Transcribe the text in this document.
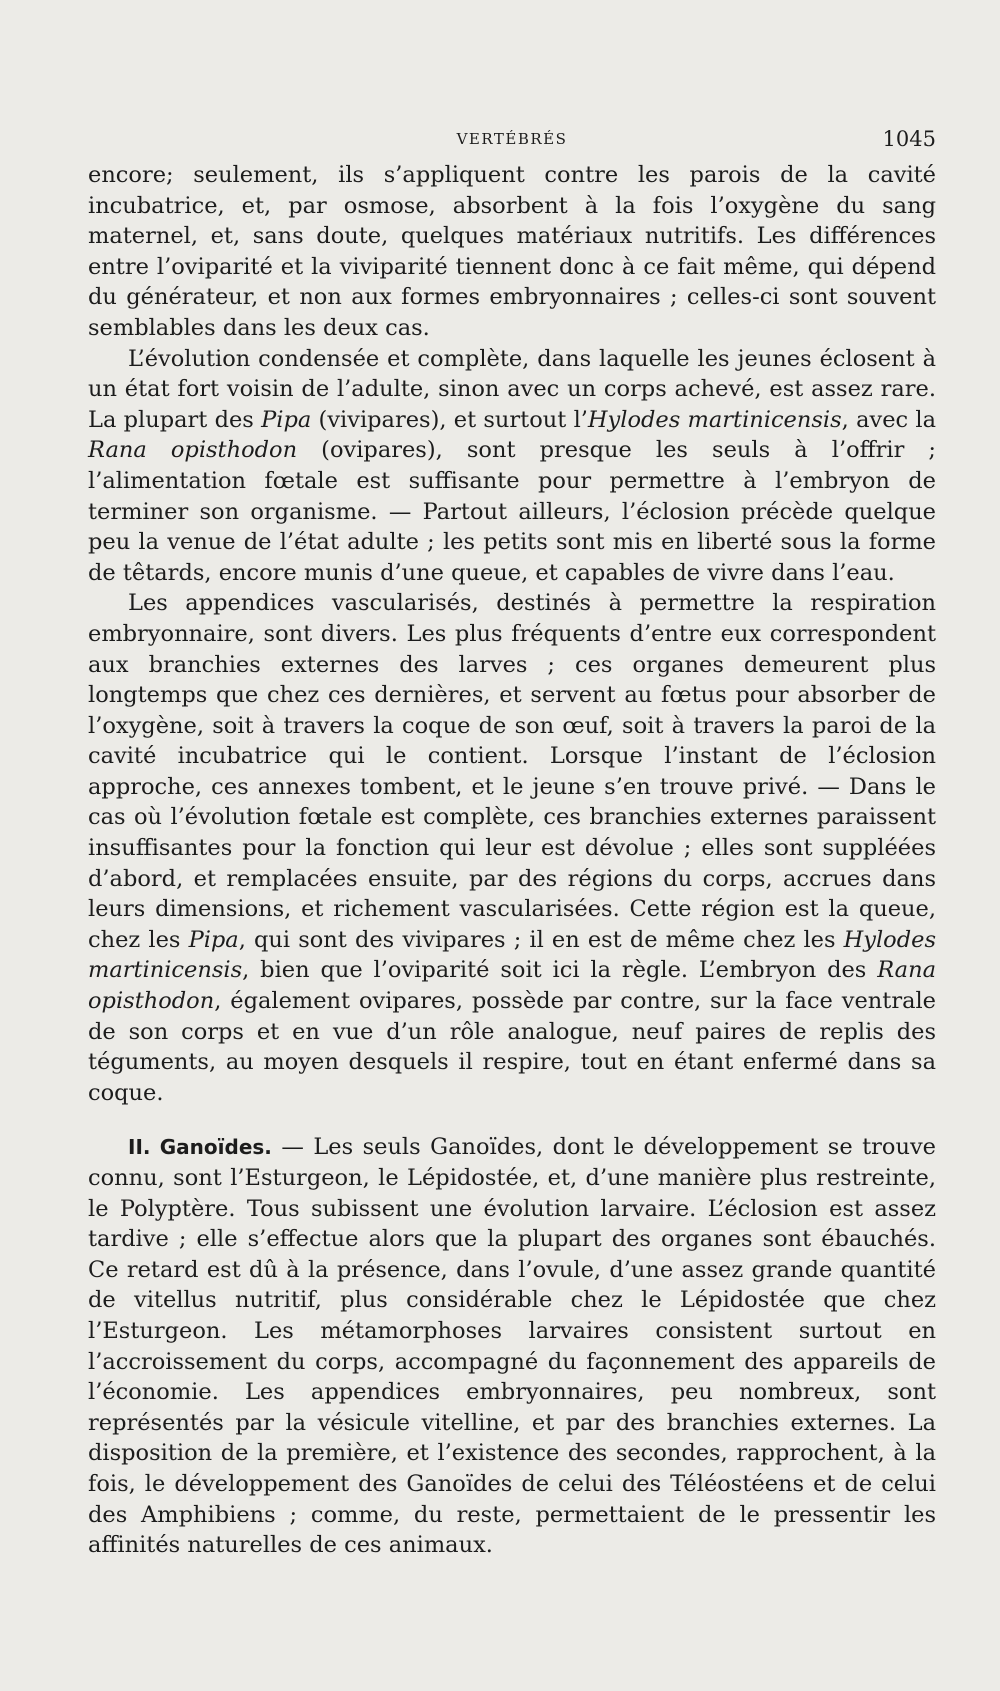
VERTÉBRÉS	1045

encore; seulement, ils s’appliquent contre les parois de la cavité incubatrice, et, par osmose, absorbent à la fois l’oxygène du sang maternel, et, sans doute, quelques matériaux nutritifs. Les différences entre l’oviparité et la viviparité tiennent donc à ce fait même, qui dépend du générateur, et non aux formes embryonnaires ; celles-ci sont souvent semblables dans les deux cas.

L’évolution condensée et complète, dans laquelle les jeunes éclosent à un état fort voisin de l’adulte, sinon avec un corps achevé, est assez rare. La plupart des Pipa (vivipares), et surtout l’Hylodes martinicensis, avec la Rana opisthodon (ovipares), sont presque les seuls à l’offrir ; l’alimentation fœtale est suffisante pour permettre à l’embryon de terminer son organisme. — Partout ailleurs, l’éclosion précède quelque peu la venue de l’état adulte ; les petits sont mis en liberté sous la forme de têtards, encore munis d’une queue, et capables de vivre dans l’eau.

Les appendices vascularisés, destinés à permettre la respiration embryonnaire, sont divers. Les plus fréquents d’entre eux correspondent aux branchies externes des larves ; ces organes demeurent plus longtemps que chez ces dernières, et servent au fœtus pour absorber de l’oxygène, soit à travers la coque de son œuf, soit à travers la paroi de la cavité incubatrice qui le contient. Lorsque l’instant de l’éclosion approche, ces annexes tombent, et le jeune s’en trouve privé. — Dans le cas où l’évolution fœtale est complète, ces branchies externes paraissent insuffisantes pour la fonction qui leur est dévolue ; elles sont suppléées d’abord, et remplacées ensuite, par des régions du corps, accrues dans leurs dimensions, et richement vascularisées. Cette région est la queue, chez les Pipa, qui sont des vivipares ; il en est de même chez les Hylodes martinicensis, bien que l’oviparité soit ici la règle. L’embryon des Rana opisthodon, également ovipares, possède par contre, sur la face ventrale de son corps et en vue d’un rôle analogue, neuf paires de replis des téguments, au moyen desquels il respire, tout en étant enfermé dans sa coque.

II. Ganoïdes. — Les seuls Ganoïdes, dont le développement se trouve connu, sont l’Esturgeon, le Lépidostée, et, d’une manière plus restreinte, le Polyptère. Tous subissent une évolution larvaire. L’éclosion est assez tardive ; elle s’effectue alors que la plupart des organes sont ébauchés. Ce retard est dû à la présence, dans l’ovule, d’une assez grande quantité de vitellus nutritif, plus considérable chez le Lépidostée que chez l’Esturgeon. Les métamorphoses larvaires consistent surtout en l’accroissement du corps, accompagné du façonnement des appareils de l’économie. Les appendices embryonnaires, peu nombreux, sont représentés par la vésicule vitelline, et par des branchies externes. La disposition de la première, et l’existence des secondes, rapprochent, à la fois, le développement des Ganoïdes de celui des Téléostéens et de celui des Amphibiens ; comme, du reste, permettaient de le pressentir les affinités naturelles de ces animaux.
